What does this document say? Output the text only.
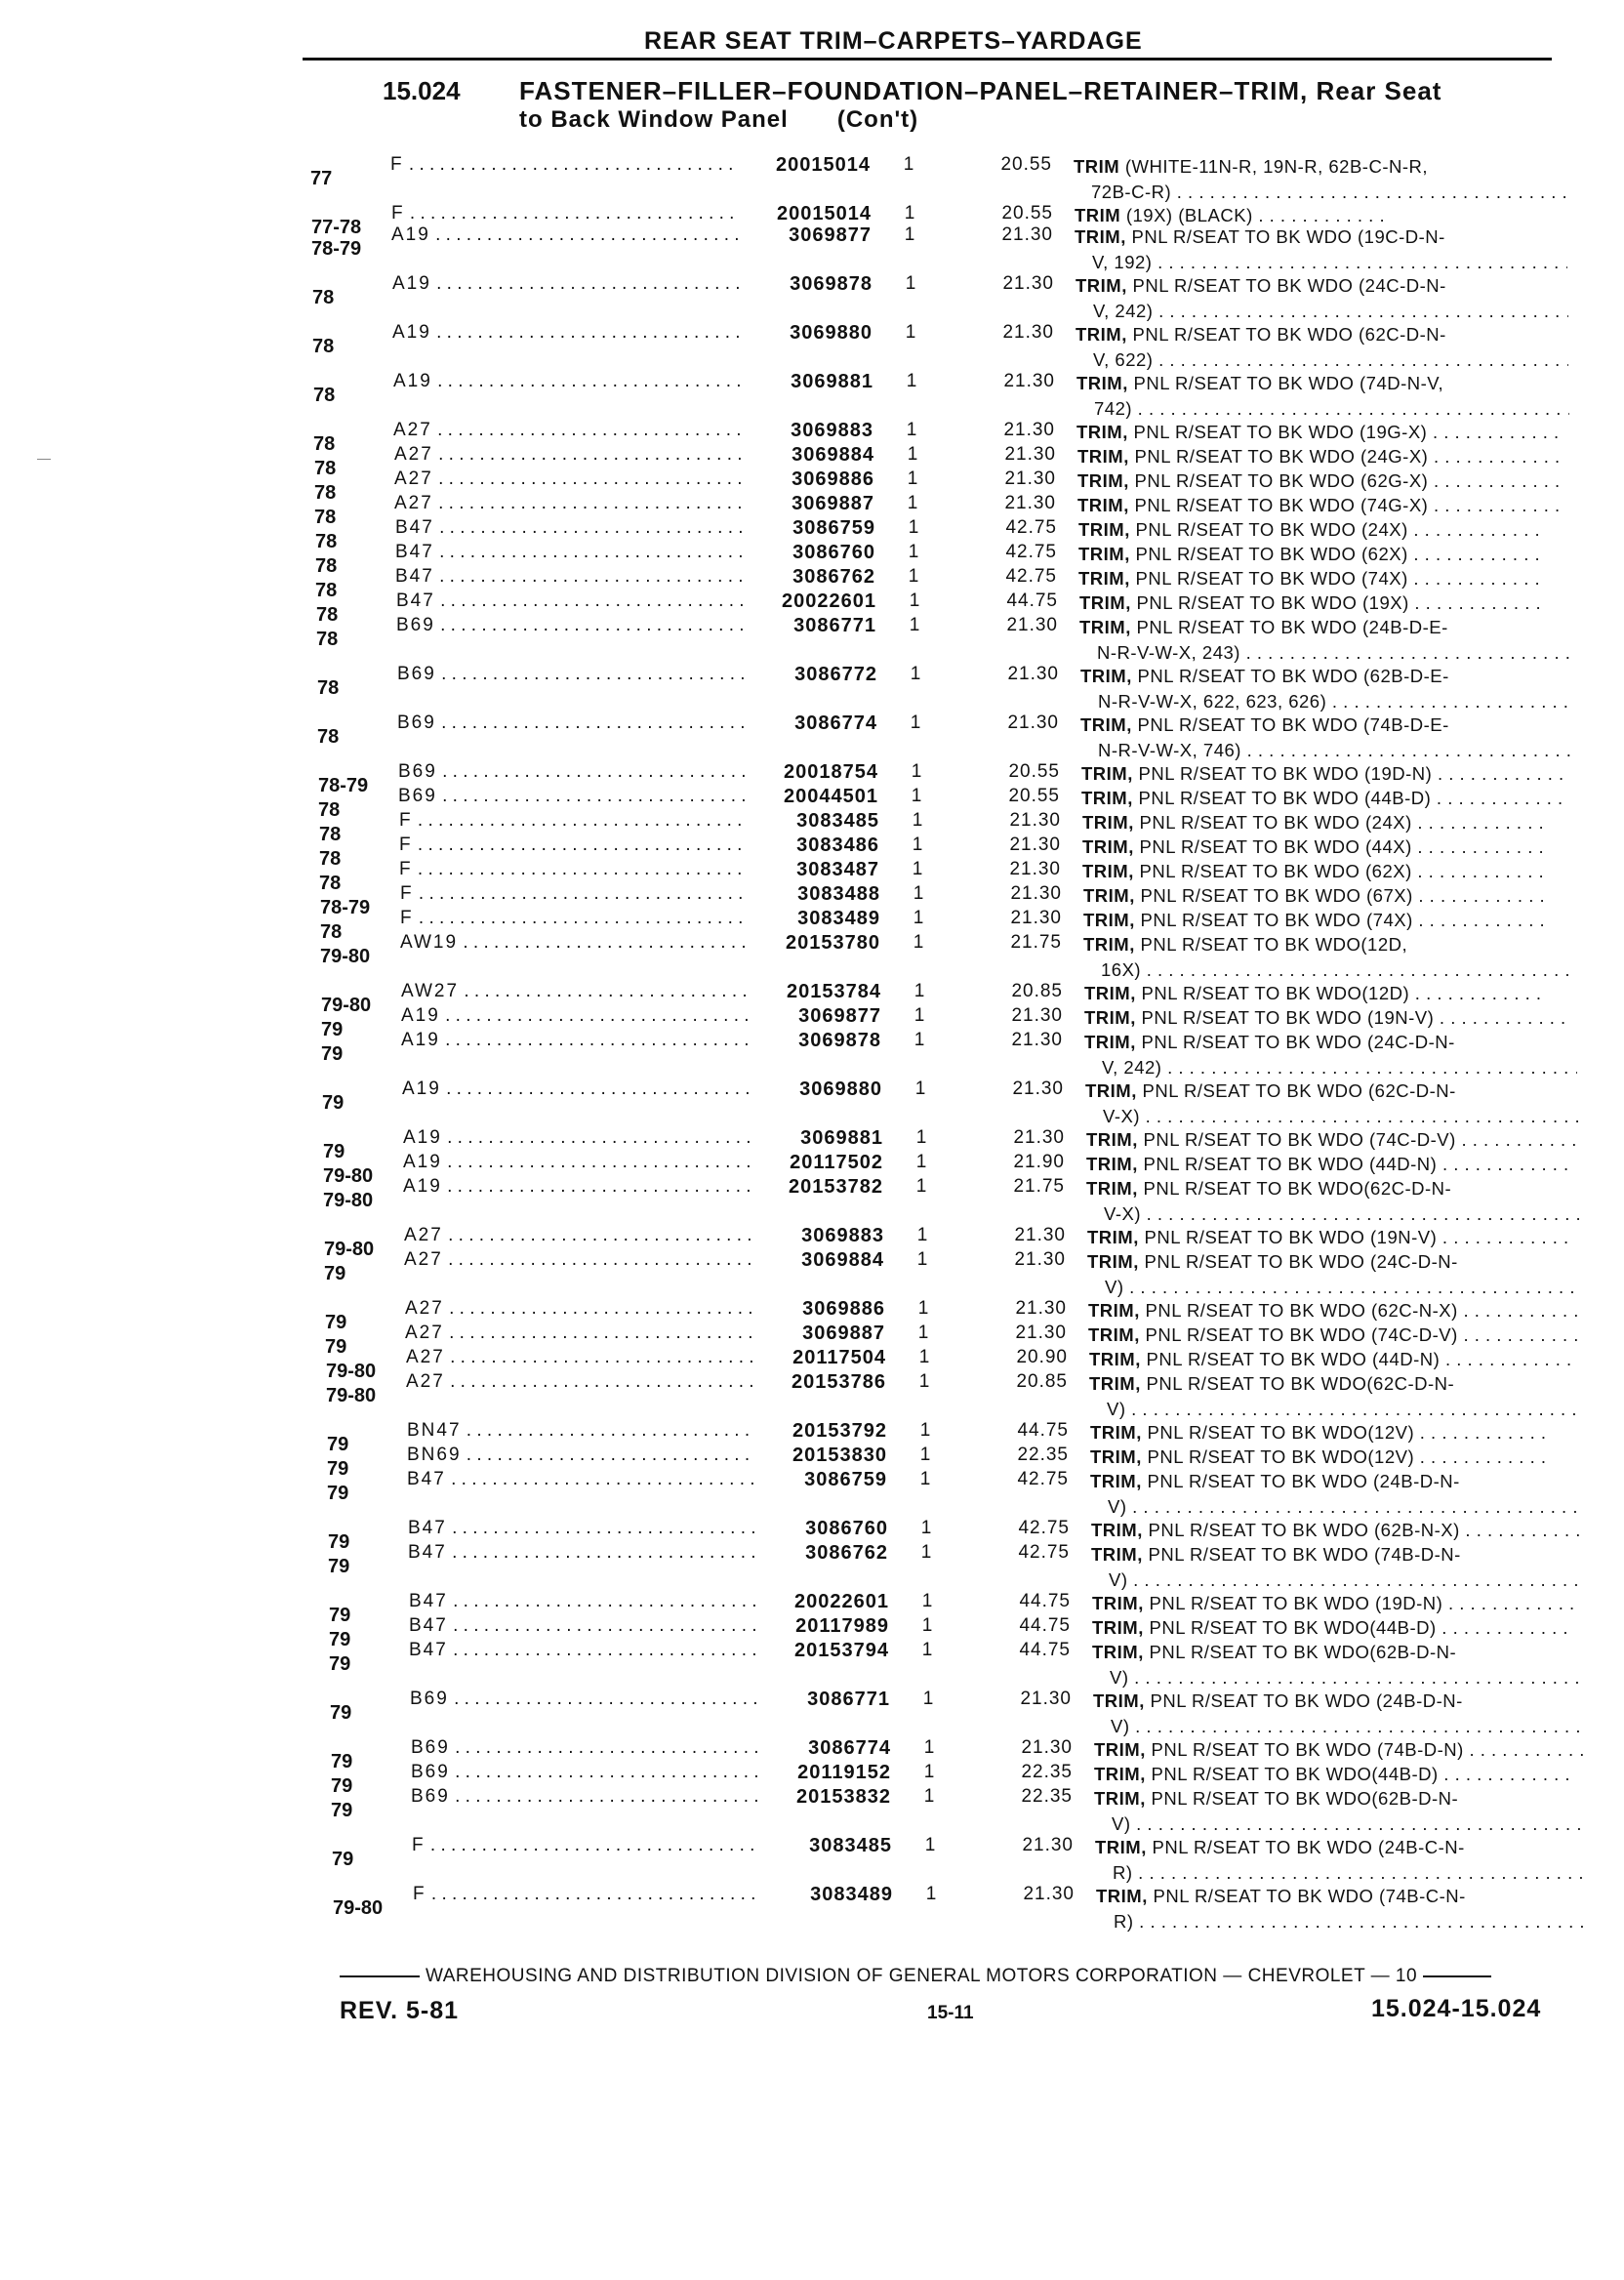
REAR SEAT TRIM–CARPETS–YARDAGE
15.024 FASTENER–FILLER–FOUNDATION–PANEL–RETAINER–TRIM, Rear Seat
to Back Window Panel (Con't)
77
F . . .	20015014	1	20.55 TRIM (WHITE-11N-R, 19N-R, 62B-C-N-R,
72B-C-R) . . .
77-78
F . . .	20015014	1	20.55 TRIM (19X) (BLACK) . . .
78-79
A19 . . .	3069877	1	21.30 TRIM, PNL R/SEAT TO BK WDO (19C-D-N-
V, 192) . . .
78
A19 . . .	3069878	1	21.30 TRIM, PNL R/SEAT TO BK WDO (24C-D-N-
V, 242) . . .
78
A19 . . .	3069880	1	21.30 TRIM, PNL R/SEAT TO BK WDO (62C-D-N-
V, 622) . . .
78
A19 . . .	3069881	1	21.30 TRIM, PNL R/SEAT TO BK WDO (74D-N-V,
742) . . .
78
A27 . . .	3069883	1	21.30 TRIM, PNL R/SEAT TO BK WDO (19G-X) . . .
78
A27 . . .	3069884	1	21.30 TRIM, PNL R/SEAT TO BK WDO (24G-X) . . .
78
A27 . . .	3069886	1	21.30 TRIM, PNL R/SEAT TO BK WDO (62G-X) . . .
78
A27 . . .	3069887	1	21.30 TRIM, PNL R/SEAT TO BK WDO (74G-X) . . .
78
B47 . . .	3086759	1	42.75 TRIM, PNL R/SEAT TO BK WDO (24X) . . .
78
B47 . . .	3086760	1	42.75 TRIM, PNL R/SEAT TO BK WDO (62X) . . .
78
B47 . . .	3086762	1	42.75 TRIM, PNL R/SEAT TO BK WDO (74X) . . .
78
B47 . . .	20022601	1	44.75 TRIM, PNL R/SEAT TO BK WDO (19X) . . .
78
B69 . . .	3086771	1	21.30 TRIM, PNL R/SEAT TO BK WDO (24B-D-E-
N-R-V-W-X, 243) . . .
78
B69 . . .	3086772	1	21.30 TRIM, PNL R/SEAT TO BK WDO (62B-D-E-
N-R-V-W-X, 622, 623, 626) . . .
78
B69 . . .	3086774	1	21.30 TRIM, PNL R/SEAT TO BK WDO (74B-D-E-
N-R-V-W-X, 746) . . .
78-79
B69 . . .	20018754	1	20.55 TRIM, PNL R/SEAT TO BK WDO (19D-N) . . .
78
B69 . . .	20044501	1	20.55 TRIM, PNL R/SEAT TO BK WDO (44B-D) . . .
78
F . . .	3083485	1	21.30 TRIM, PNL R/SEAT TO BK WDO (24X) . . .
78
F . . .	3083486	1	21.30 TRIM, PNL R/SEAT TO BK WDO (44X) . . .
78
F . . .	3083487	1	21.30 TRIM, PNL R/SEAT TO BK WDO (62X) . . .
78-79
F . . .	3083488	1	21.30 TRIM, PNL R/SEAT TO BK WDO (67X) . . .
78
F . . .	3083489	1	21.30 TRIM, PNL R/SEAT TO BK WDO (74X) . . .
79-80
AW19 . . .	20153780	1	21.75 TRIM, PNL R/SEAT TO BK WDO(12D,
16X) . . .
79-80
AW27 . . .	20153784	1	20.85 TRIM, PNL R/SEAT TO BK WDO(12D) . . .
79
A19 . . .	3069877	1	21.30 TRIM, PNL R/SEAT TO BK WDO (19N-V) . . .
79
A19 . . .	3069878	1	21.30 TRIM, PNL R/SEAT TO BK WDO (24C-D-N-
V, 242) . . .
79
A19 . . .	3069880	1	21.30 TRIM, PNL R/SEAT TO BK WDO (62C-D-N-
V-X) . . .
79
A19 . . .	3069881	1	21.30 TRIM, PNL R/SEAT TO BK WDO (74C-D-V) . . .
79-80
A19 . . .	20117502	1	21.90 TRIM, PNL R/SEAT TO BK WDO (44D-N) . . .
79-80
A19 . . .	20153782	1	21.75 TRIM, PNL R/SEAT TO BK WDO(62C-D-N-
V-X) . . .
79-80
A27 . . .	3069883	1	21.30 TRIM, PNL R/SEAT TO BK WDO (19N-V) . . .
79
A27 . . .	3069884	1	21.30 TRIM, PNL R/SEAT TO BK WDO (24C-D-N-
V) . . .
79
A27 . . .	3069886	1	21.30 TRIM, PNL R/SEAT TO BK WDO (62C-N-X) . . .
79
A27 . . .	3069887	1	21.30 TRIM, PNL R/SEAT TO BK WDO (74C-D-V) . . .
79-80
A27 . . .	20117504	1	20.90 TRIM, PNL R/SEAT TO BK WDO (44D-N) . . .
79-80
A27 . . .	20153786	1	20.85 TRIM, PNL R/SEAT TO BK WDO(62C-D-N-
V) . . .
79
BN47 . . .	20153792	1	44.75 TRIM, PNL R/SEAT TO BK WDO(12V) . . .
79
BN69 . . .	20153830	1	22.35 TRIM, PNL R/SEAT TO BK WDO(12V) . . .
79
B47 . . .	3086759	1	42.75 TRIM, PNL R/SEAT TO BK WDO (24B-D-N-
V) . . .
79
B47 . . .	3086760	1	42.75 TRIM, PNL R/SEAT TO BK WDO (62B-N-X) . . .
79
B47 . . .	3086762	1	42.75 TRIM, PNL R/SEAT TO BK WDO (74B-D-N-
V) . . .
79
B47 . . .	20022601	1	44.75 TRIM, PNL R/SEAT TO BK WDO (19D-N) . . .
79
B47 . . .	20117989	1	44.75 TRIM, PNL R/SEAT TO BK WDO(44B-D) . . .
79
B47 . . .	20153794	1	44.75 TRIM, PNL R/SEAT TO BK WDO(62B-D-N-
V) . . .
79
B69 . . .	3086771	1	21.30 TRIM, PNL R/SEAT TO BK WDO (24B-D-N-
V) . . .
79
B69 . . .	3086774	1	21.30 TRIM, PNL R/SEAT TO BK WDO (74B-D-N) . . .
79
B69 . . .	20119152	1	22.35 TRIM, PNL R/SEAT TO BK WDO(44B-D) . . .
79
B69 . . .	20153832	1	22.35 TRIM, PNL R/SEAT TO BK WDO(62B-D-N-
V) . . .
79
F . . .	3083485	1	21.30 TRIM, PNL R/SEAT TO BK WDO (24B-C-N-
R) . . .
79-80
F . . .	3083489	1	21.30 TRIM, PNL R/SEAT TO BK WDO (74B-C-N-
R) . . .
WAREHOUSING AND DISTRIBUTION DIVISION OF GENERAL MOTORS CORPORATION — CHEVROLET — 10
REV. 5-81	15-11	15.024-15.024
